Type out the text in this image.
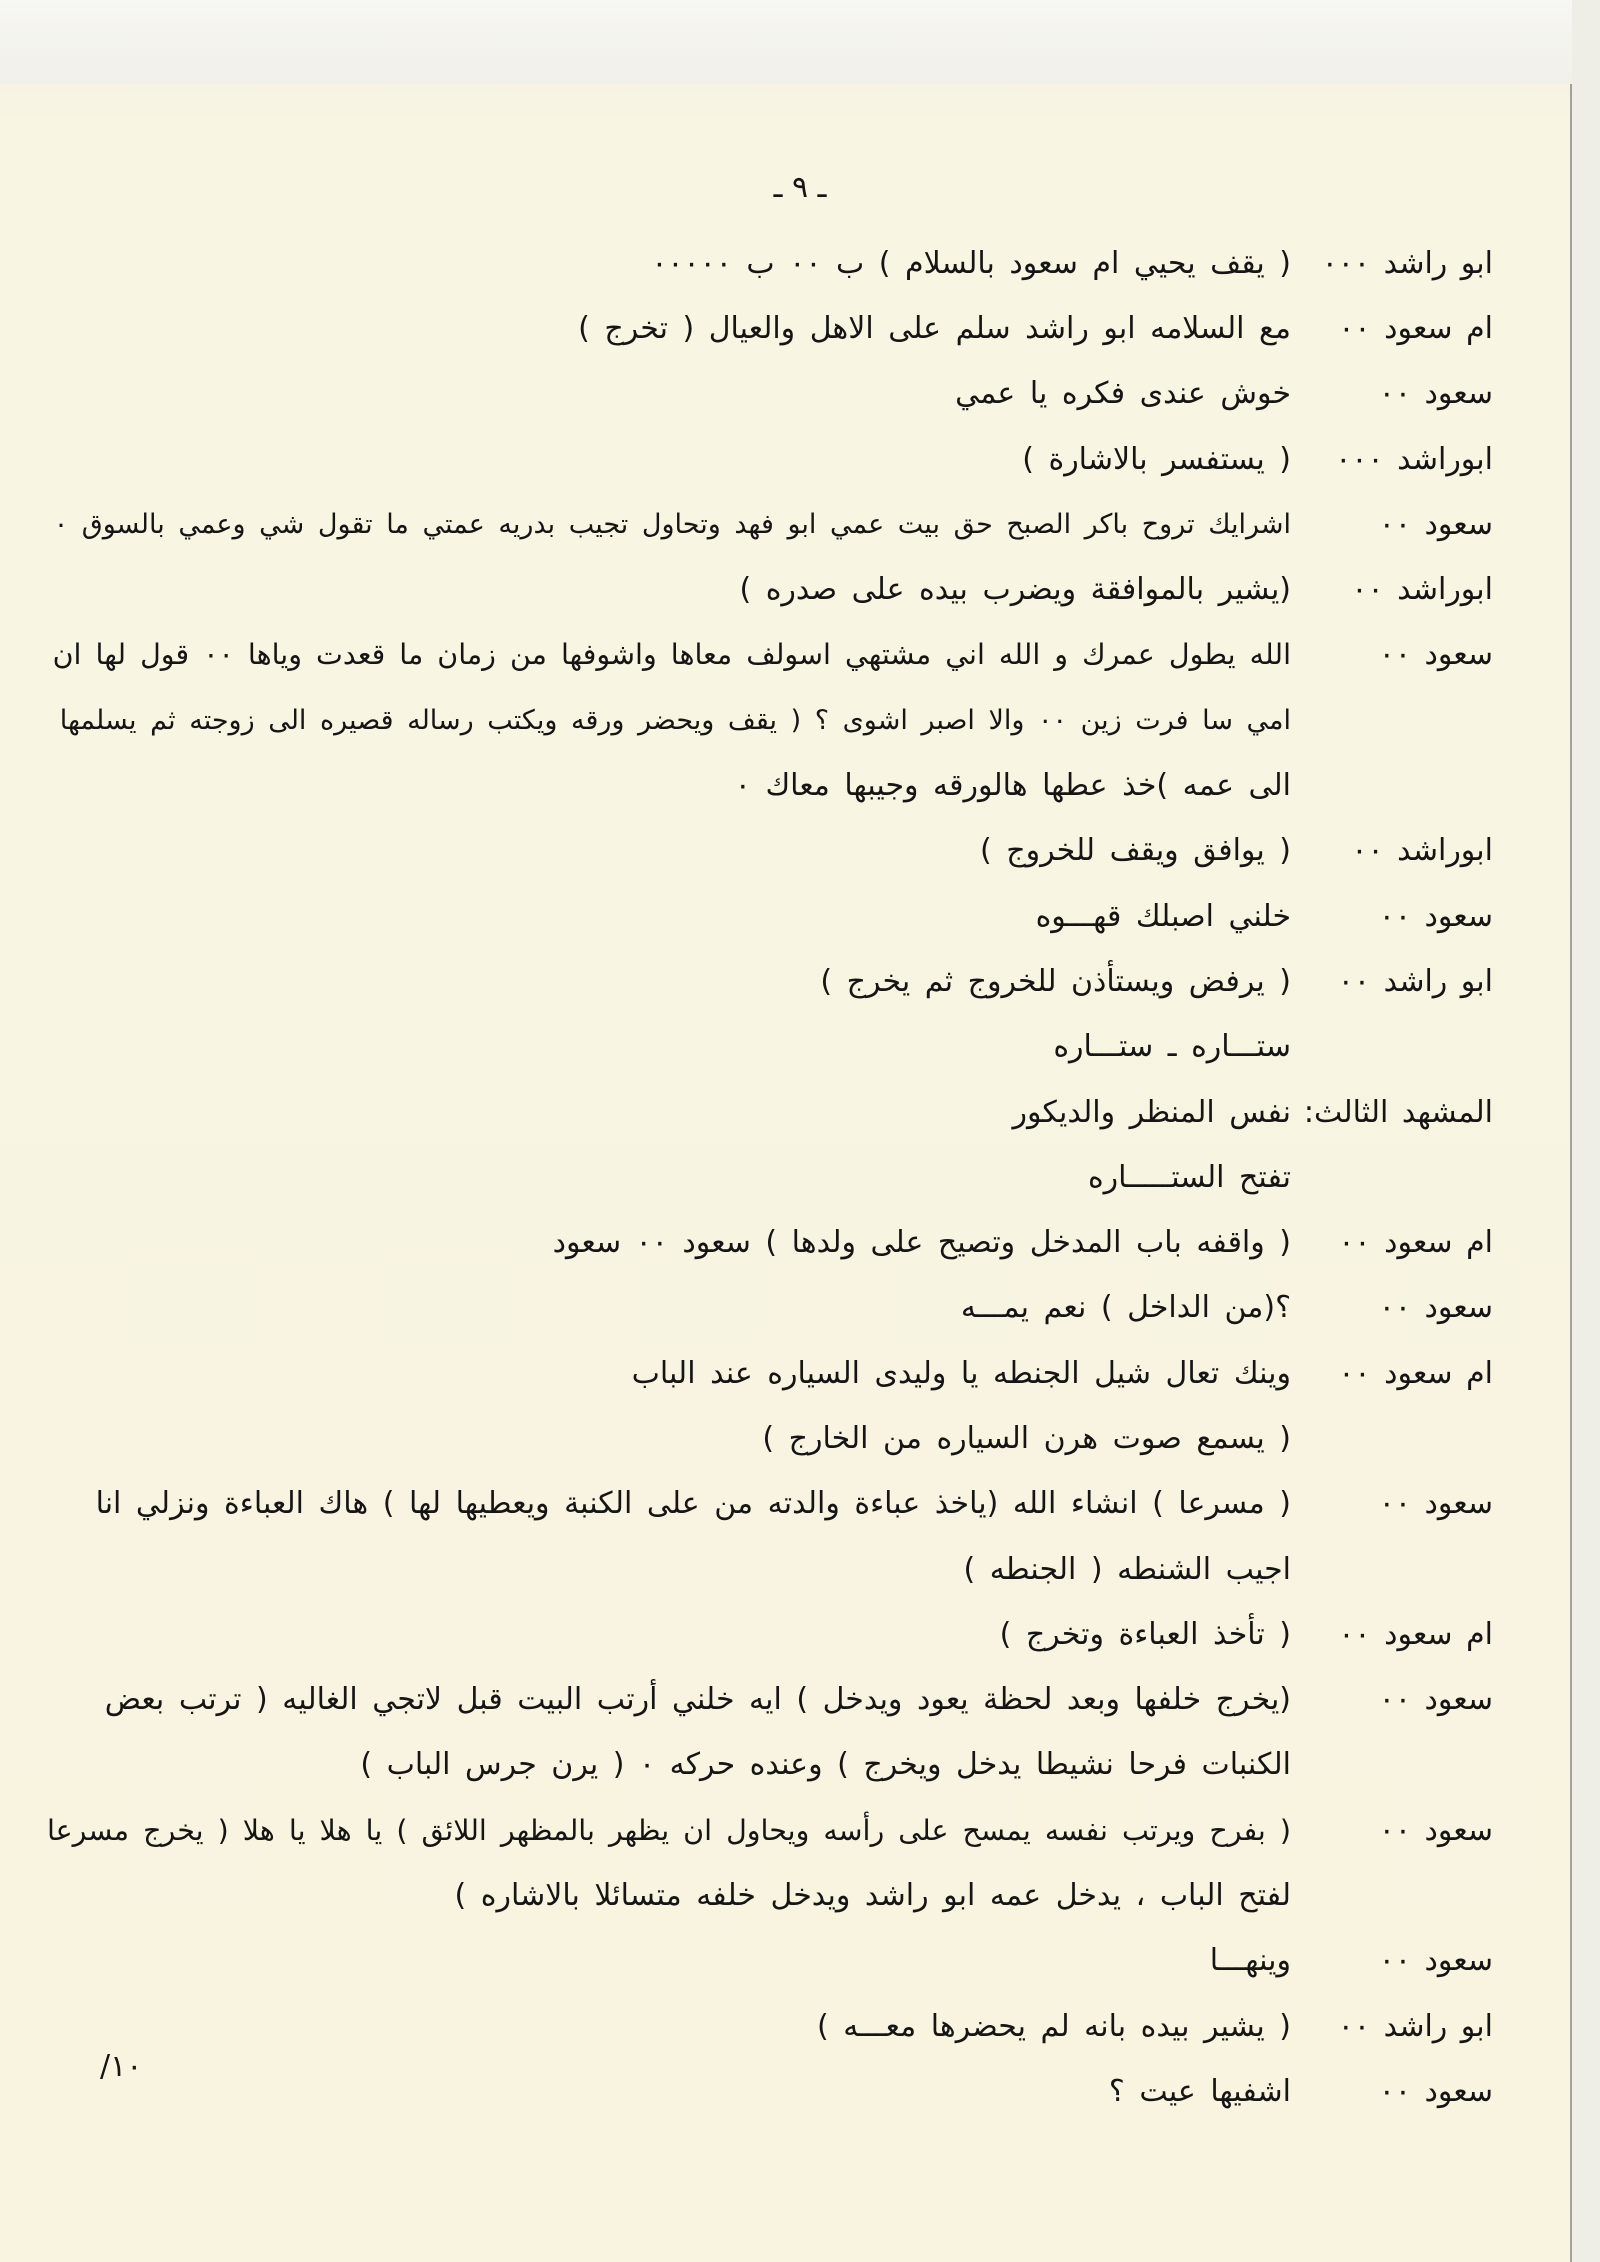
ـ ٩ ـ
ابو راشد ٠٠٠
( يقف يحيي ام سعود بالسلام ) ب ٠٠ ب ٠٠٠٠٠
ام سعود ٠٠
مع السلامه ابو راشد سلم على الاهل والعيال ( تخرج )
سعود ٠٠
خوش عندى فكره يا عمي
ابوراشد ٠٠٠
( يستفسر بالاشارة )
سعود ٠٠
اشرايك تروح باكر الصبح حق بيت عمي ابو فهد وتحاول تجيب بدريه عمتي ما تقول شي وعمي بالسوق ٠
ابوراشد ٠٠
(يشير بالموافقة ويضرب بيده على صدره )
سعود ٠٠
الله يطول عمرك و الله اني مشتهي اسولف معاها واشوفها من زمان ما قعدت وياها ٠٠ قول لها ان
امي سا فرت زين ٠٠ والا اصبر اشوى ؟ ( يقف ويحضر ورقه ويكتب رساله قصيره الى زوجته ثم يسلمها
الى عمه )خذ عطها هالورقه وجيبها معاك ٠
ابوراشد ٠٠
( يوافق ويقف للخروج )
سعود ٠٠
خلني اصبلك قهـــوه
ابو راشد ٠٠
( يرفض ويستأذن للخروج ثم يخرج )
ستـــاره ـ ستـــاره
المشهد الثالث:
نفس المنظر والديكور
تفتح الستـــــاره
ام سعود ٠٠
( واقفه باب المدخل وتصيح على ولدها ) سعود ٠٠ سعود
سعود ٠٠
؟(من الداخل ) نعم يمـــه
ام سعود ٠٠
وينك تعال شيل الجنطه يا وليدى السياره عند الباب
( يسمع صوت هرن السياره من الخارج )
سعود ٠٠
( مسرعا ) انشاء الله (ياخذ عباءة والدته من على الكنبة ويعطيها لها ) هاك العباءة ونزلي انا
اجيب الشنطه ( الجنطه )
ام سعود ٠٠
( تأخذ العباءة وتخرج )
سعود ٠٠
(يخرج خلفها وبعد لحظة يعود ويدخل ) ايه خلني أرتب البيت قبل لاتجي الغاليه ( ترتب بعض
الكنبات فرحا نشيطا يدخل ويخرج ) وعنده حركه ٠ ( يرن جرس الباب )
سعود ٠٠
( بفرح ويرتب نفسه يمسح على رأسه ويحاول ان يظهر بالمظهر اللائق ) يا هلا يا هلا ( يخرج مسرعا
لفتح الباب ، يدخل عمه ابو راشد ويدخل خلفه متسائلا بالاشاره )
سعود ٠٠
وينهـــا
ابو راشد ٠٠
( يشير بيده بانه لم يحضرها معـــه )
سعود ٠٠
اشفيها عيت ؟
/١٠
